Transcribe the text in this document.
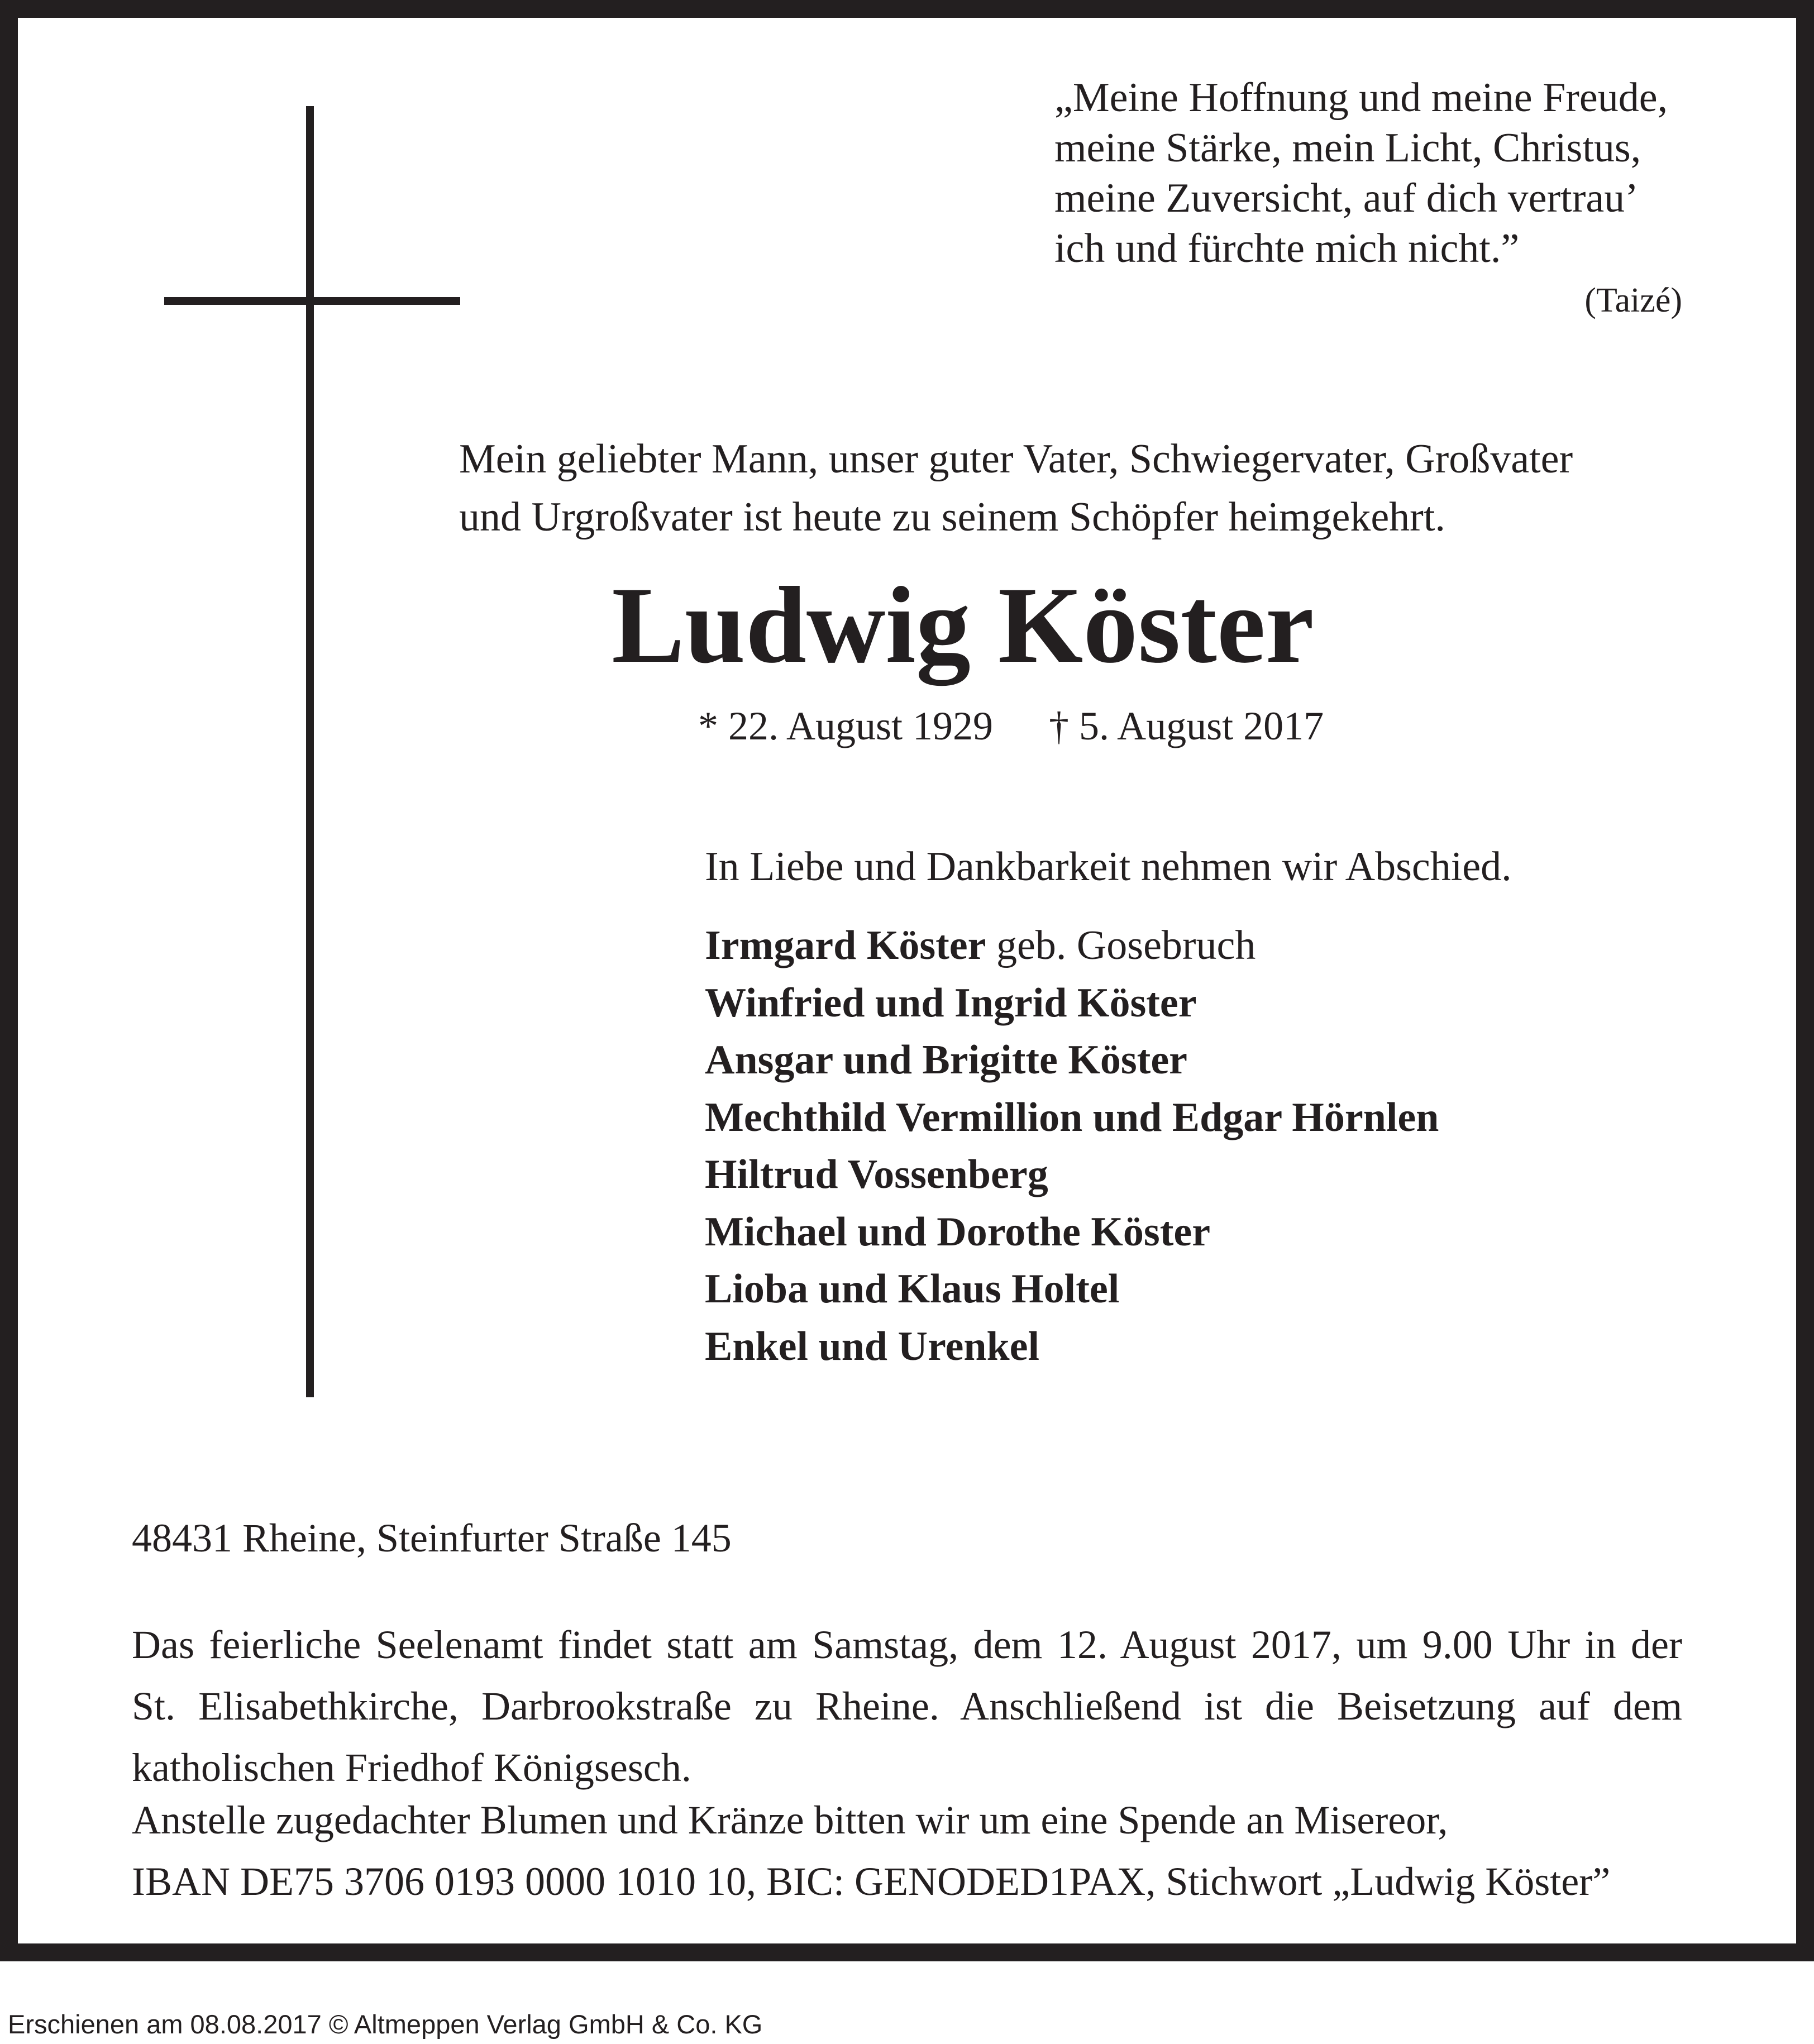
„Meine Hoffnung und meine Freude,
meine Stärke, mein Licht, Christus,
meine Zuversicht, auf dich vertrau’
ich und fürchte mich nicht.”
(Taizé)
Mein geliebter Mann, unser guter Vater, Schwiegervater, Großvater
und Urgroßvater ist heute zu seinem Schöpfer heimgekehrt.
Ludwig Köster
* 22. August 1929 † 5. August 2017
In Liebe und Dankbarkeit nehmen wir Abschied.
Irmgard Köster geb. Gosebruch
Winfried und Ingrid Köster
Ansgar und Brigitte Köster
Mechthild Vermillion und Edgar Hörnlen
Hiltrud Vossenberg
Michael und Dorothe Köster
Lioba und Klaus Holtel
Enkel und Urenkel
48431 Rheine, Steinfurter Straße 145
Das feierliche Seelenamt findet statt am Samstag, dem 12. August 2017, um 9.00 Uhr in der
St. Elisabethkirche, Darbrookstraße zu Rheine. Anschließend ist die Beisetzung auf dem
katholischen Friedhof Königsesch.
Anstelle zugedachter Blumen und Kränze bitten wir um eine Spende an Misereor,
IBAN DE75 3706 0193 0000 1010 10, BIC: GENODED1PAX, Stichwort „Ludwig Köster”
Erschienen am 08.08.2017 © Altmeppen Verlag GmbH & Co. KG
